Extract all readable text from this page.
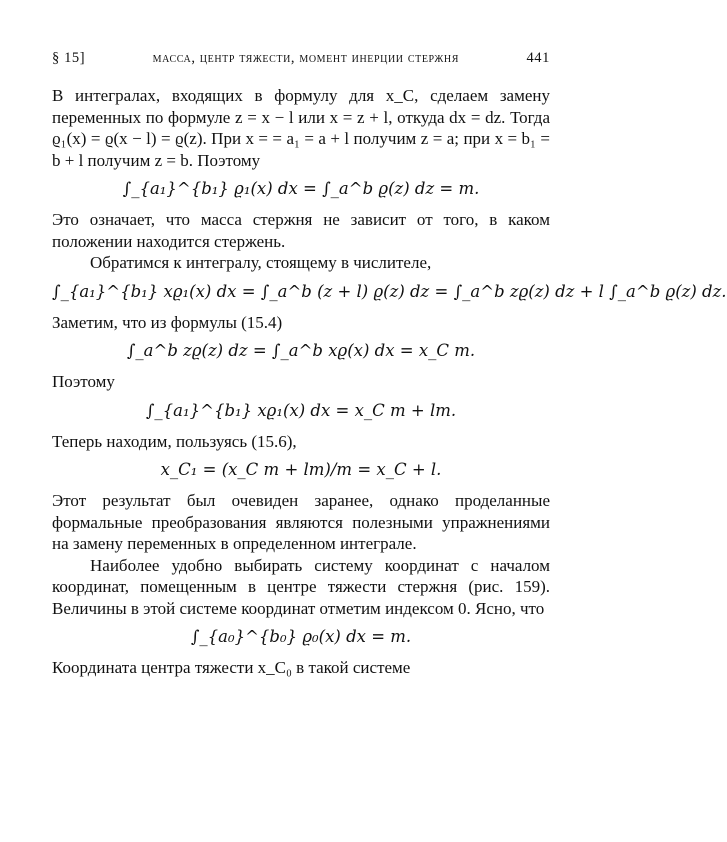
§ 15]	масса, центр тяжести, момент инерции стержня	441

В интегралах, входящих в формулу для x_C, сделаем замену переменных по формуле z = x − l или x = z + l, откуда dx = dz. Тогда ϱ₁(x) = ϱ(x − l) = ϱ(z). При x = = a₁ = a + l получим z = a; при x = b₁ = b + l получим z = b. Поэтому

∫_{a₁}^{b₁} ϱ₁(x) dx = ∫_a^b ϱ(z) dz = m.

Это означает, что масса стержня не зависит от того, в каком положении находится стержень.

Обратимся к интегралу, стоящему в числителе,

∫_{a₁}^{b₁} xϱ₁(x) dx = ∫_a^b (z + l) ϱ(z) dz = ∫_a^b zϱ(z) dz + l ∫_a^b ϱ(z) dz.

Заметим, что из формулы (15.4)

∫_a^b zϱ(z) dz = ∫_a^b xϱ(x) dx = x_C m.

Поэтому

∫_{a₁}^{b₁} xϱ₁(x) dx = x_C m + lm.

Теперь находим, пользуясь (15.6),

x_C₁ = (x_C m + lm)/m = x_C + l.

Этот результат был очевиден заранее, однако проделанные формальные преобразования являются полезными упражнениями на замену переменных в определенном интеграле.

Наиболее удобно выбирать систему координат с началом координат, помещенным в центре тяжести стержня (рис. 159). Величины в этой системе координат отметим индексом 0. Ясно, что

∫_{a₀}^{b₀} ϱ₀(x) dx = m.

Координата центра тяжести x_C₀ в такой системе
